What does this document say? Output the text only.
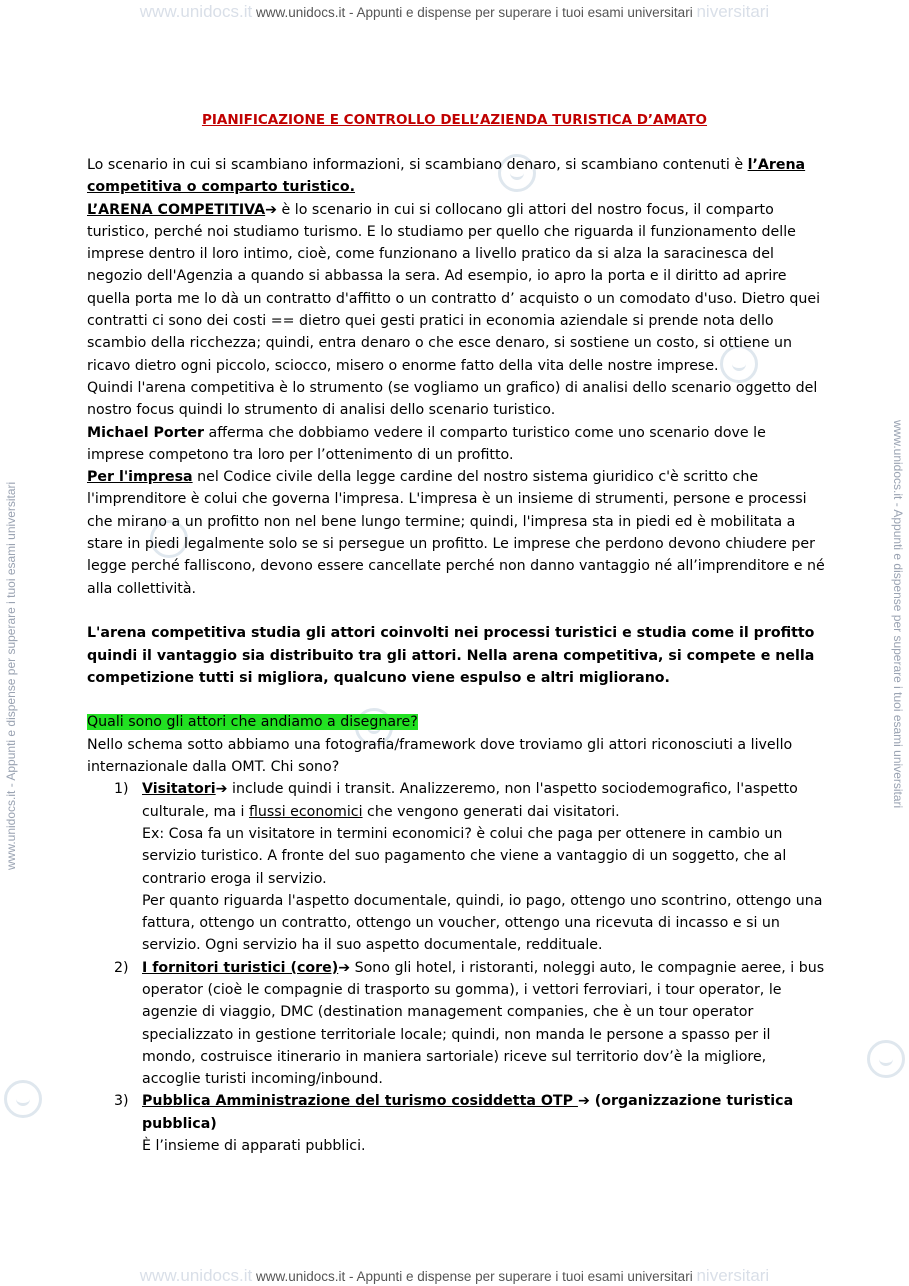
www.unidocs.it www.unidocs.it - Appunti e dispense per superare i tuoi esami universitari niversitari
www.unidocs.it www.unidocs.it - Appunti e dispense per superare i tuoi esami universitari niversitari
www.unidocs.it - Appunti e dispense per superare i tuoi esami universitari	www.unidocs.it - Appunti e dispense per superare i tuoi esami universitari
PIANIFICAZIONE E CONTROLLO DELL’AZIENDA TURISTICA D’AMATO

Lo scenario in cui si scambiano informazioni, si scambiano denaro, si scambiano contenuti è l’Arena competitiva o comparto turistico.

L’ARENA COMPETITIVA➔ è lo scenario in cui si collocano gli attori del nostro focus, il comparto turistico, perché noi studiamo turismo. E lo studiamo per quello che riguarda il funzionamento delle imprese dentro il loro intimo, cioè, come funzionano a livello pratico da si alza la saracinesca del negozio dell'Agenzia a quando si abbassa la sera. Ad esempio, io apro la porta e il diritto ad aprire quella porta me lo dà un contratto d'affitto o un contratto d’ acquisto o un comodato d'uso. Dietro quei contratti ci sono dei costi == dietro quei gesti pratici in economia aziendale si prende nota dello scambio della ricchezza; quindi, entra denaro o che esce denaro, si sostiene un costo, si ottiene un ricavo dietro ogni piccolo, sciocco, misero o enorme fatto della vita delle nostre imprese.

Quindi l'arena competitiva è lo strumento (se vogliamo un grafico) di analisi dello scenario oggetto del nostro focus quindi lo strumento di analisi dello scenario turistico.

Michael Porter afferma che dobbiamo vedere il comparto turistico come uno scenario dove le imprese competono tra loro per l’ottenimento di un profitto.

Per l'impresa nel Codice civile della legge cardine del nostro sistema giuridico c'è scritto che l'imprenditore è colui che governa l'impresa. L'impresa è un insieme di strumenti, persone e processi che mirano a un profitto non nel bene lungo termine; quindi, l'impresa sta in piedi ed è mobilitata a stare in piedi legalmente solo se si persegue un profitto. Le imprese che perdono devono chiudere per legge perché falliscono, devono essere cancellate perché non danno vantaggio né all’imprenditore e né alla collettività.

L'arena competitiva studia gli attori coinvolti nei processi turistici e studia come il profitto quindi il vantaggio sia distribuito tra gli attori. Nella arena competitiva, si compete e nella competizione tutti si migliora, qualcuno viene espulso e altri migliorano.

Quali sono gli attori che andiamo a disegnare?

Nello schema sotto abbiamo una fotografia/framework dove troviamo gli attori riconosciuti a livello internazionale dalla OMT. Chi sono?

1) Visitatori➔ include quindi i transit. Analizzeremo, non l'aspetto sociodemografico, l'aspetto culturale, ma i flussi economici che vengono generati dai visitatori.

Ex: Cosa fa un visitatore in termini economici? è colui che paga per ottenere in cambio un servizio turistico. A fronte del suo pagamento che viene a vantaggio di un soggetto, che al contrario eroga il servizio.

Per quanto riguarda l'aspetto documentale, quindi, io pago, ottengo uno scontrino, ottengo una fattura, ottengo un contratto, ottengo un voucher, ottengo una ricevuta di incasso e si un servizio. Ogni servizio ha il suo aspetto documentale, reddituale.

2) I fornitori turistici (core)➔ Sono gli hotel, i ristoranti, noleggi auto, le compagnie aeree, i bus operator (cioè le compagnie di trasporto su gomma), i vettori ferroviari, i tour operator, le agenzie di viaggio, DMC (destination management companies, che è un tour operator specializzato in gestione territoriale locale; quindi, non manda le persone a spasso per il mondo, costruisce itinerario in maniera sartoriale) riceve sul territorio dov’è la migliore, accoglie turisti incoming/inbound.

3) Pubblica Amministrazione del turismo cosiddetta OTP ➔ (organizzazione turistica pubblica)

È l’insieme di apparati pubblici.
